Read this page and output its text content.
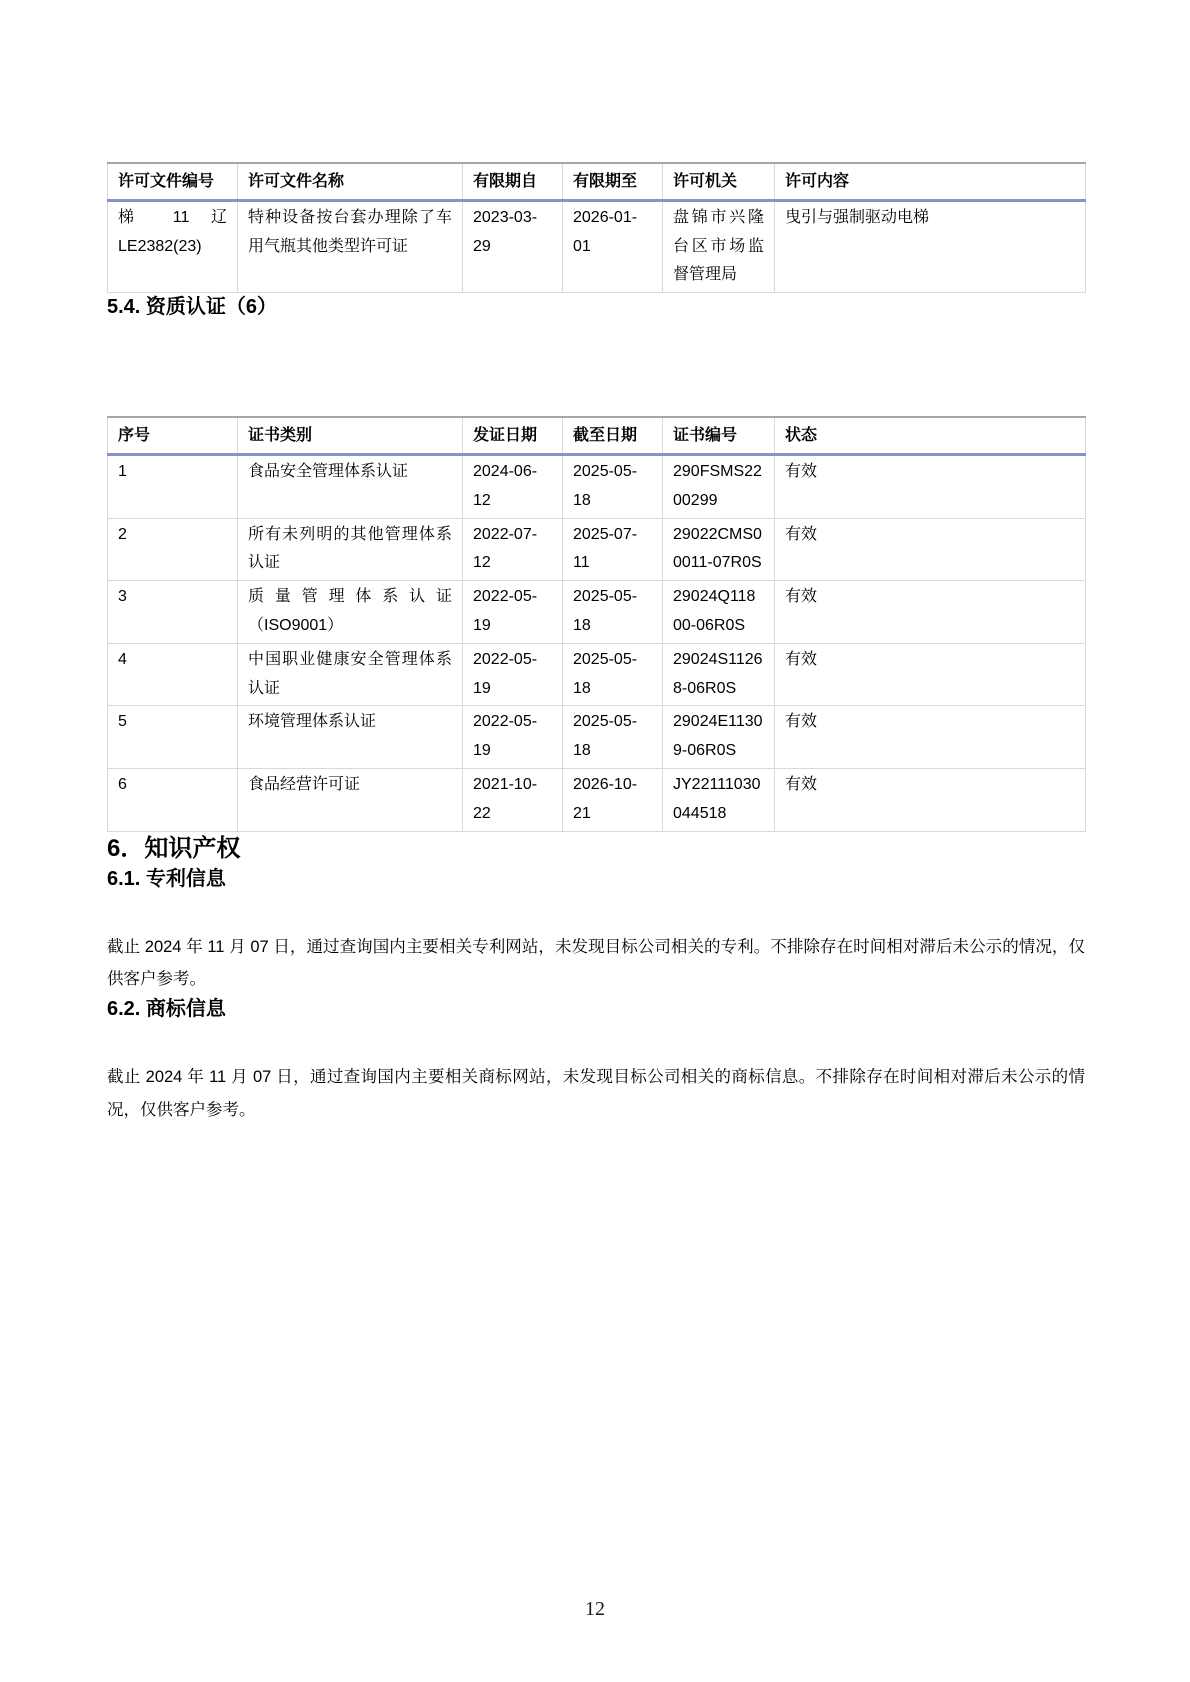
许可文件编号	许可文件名称	有限期自	有限期至	许可机关	许可内容
梯 11 辽 LE2382(23)	特种设备按台套办理除了车用气瓶其他类型许可证	2023-03-29	2026-01-01	盘锦市兴隆台区市场监督管理局	曳引与强制驱动电梯
5.4. 资质认证（6）
序号	证书类别	发证日期	截至日期	证书编号	状态
1	食品安全管理体系认证	2024-06-12	2025-05-18	290FSMS2200299	有效
2	所有未列明的其他管理体系认证	2022-07-12	2025-07-11	29022CMS00011-07R0S	有效
3	质量管理体系认证（ISO9001）	2022-05-19	2025-05-18	29024Q11800-06R0S	有效
4	中国职业健康安全管理体系认证	2022-05-19	2025-05-18	29024S11268-06R0S	有效
5	环境管理体系认证	2022-05-19	2025-05-18	29024E11309-06R0S	有效
6	食品经营许可证	2021-10-22	2026-10-21	JY22111030044518	有效
6．知识产权
6.1. 专利信息

截止 2024 年 11 月 07 日，通过查询国内主要相关专利网站，未发现目标公司相关的专利。不排除存在时间相对滞后未公示的情况，仅供客户参考。

6.2. 商标信息

截止 2024 年 11 月 07 日，通过查询国内主要相关商标网站，未发现目标公司相关的商标信息。不排除存在时间相对滞后未公示的情况，仅供客户参考。

12
